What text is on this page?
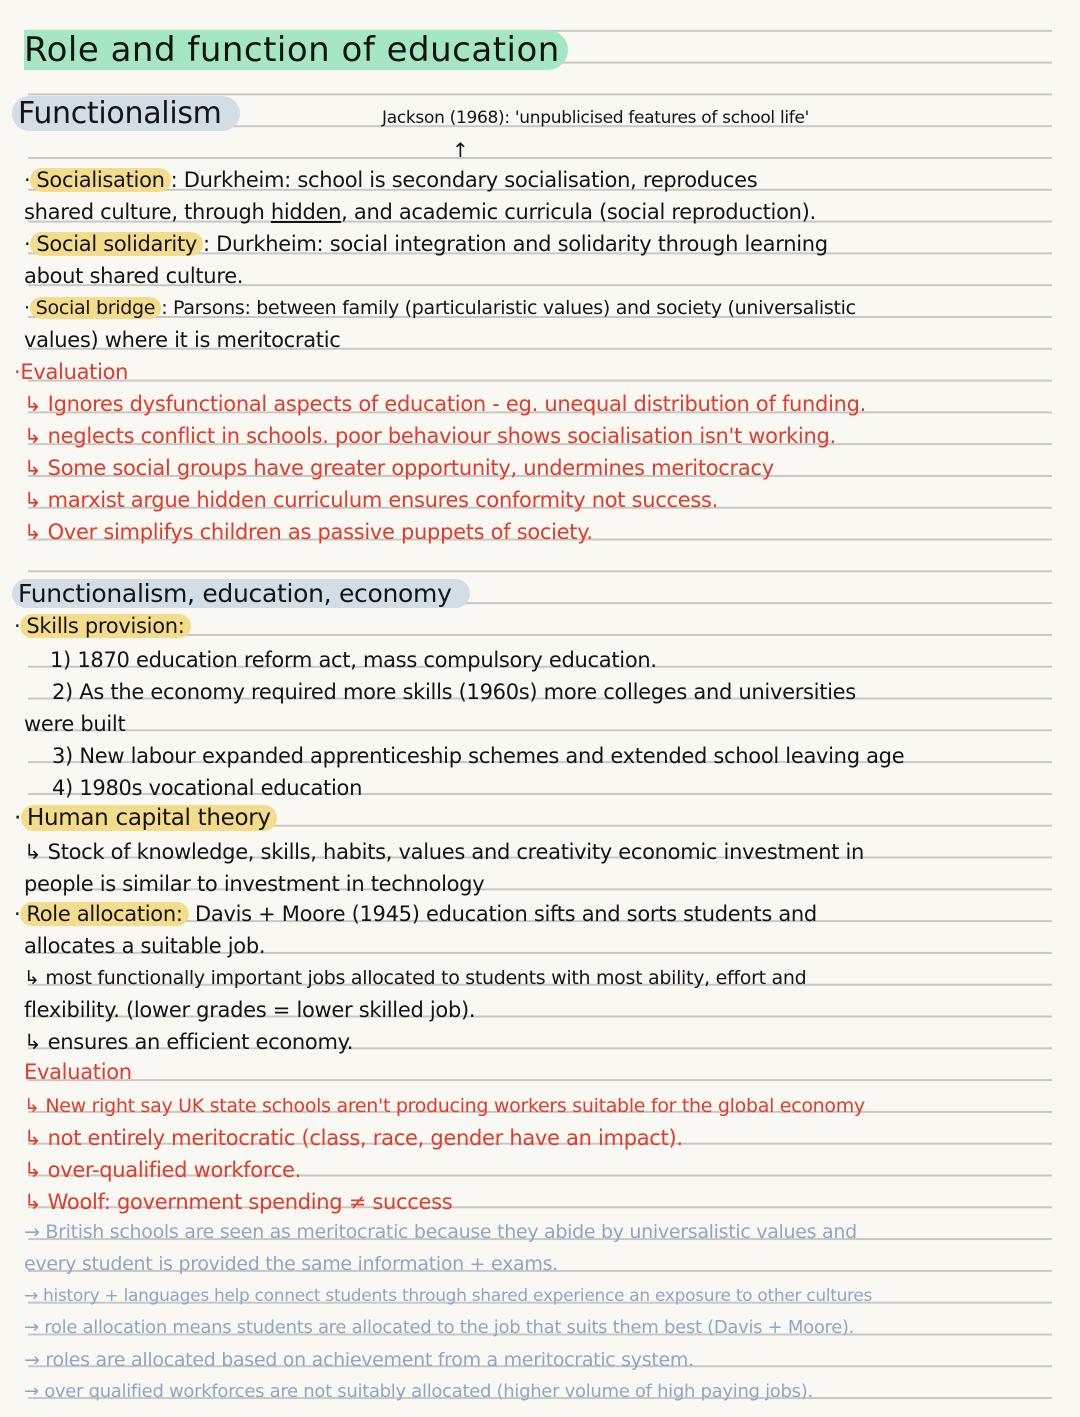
Role and function of education
Functionalism	Jackson (1968): 'unpublicised features of school life'
↑
· Socialisation : Durkheim: school is secondary socialisation, reproduces
shared culture, through hidden, and academic curricula (social reproduction).
· Social solidarity : Durkheim: social integration and solidarity through learning
about shared culture.
· Social bridge : Parsons: between family (particularistic values) and society (universalistic
values) where it is meritocratic
·Evaluation
↳ Ignores dysfunctional aspects of education - eg. unequal distribution of funding.
↳ neglects conflict in schools. poor behaviour shows socialisation isn't working.
↳ Some social groups have greater opportunity, undermines meritocracy
↳ marxist argue hidden curriculum ensures conformity not success.
↳ Over simplifys children as passive puppets of society.
Functionalism, education, economy
· Skills provision:
1) 1870 education reform act, mass compulsory education.
2) As the economy required more skills (1960s) more colleges and universities
were built
3) New labour expanded apprenticeship schemes and extended school leaving age
4) 1980s vocational education
· Human capital theory
↳ Stock of knowledge, skills, habits, values and creativity economic investment in
people is similar to investment in technology
· Role allocation: Davis + Moore (1945) education sifts and sorts students and
allocates a suitable job.
↳ most functionally important jobs allocated to students with most ability, effort and
flexibility. (lower grades = lower skilled job).
↳ ensures an efficient economy.
Evaluation
↳ New right say UK state schools aren't producing workers suitable for the global economy
↳ not entirely meritocratic (class, race, gender have an impact).
↳ over-qualified workforce.
↳ Woolf: government spending ≠ success
→ British schools are seen as meritocratic because they abide by universalistic values and
every student is provided the same information + exams.
→ history + languages help connect students through shared experience an exposure to other cultures
→ role allocation means students are allocated to the job that suits them best (Davis + Moore).
→ roles are allocated based on achievement from a meritocratic system.
→ over qualified workforces are not suitably allocated (higher volume of high paying jobs).
